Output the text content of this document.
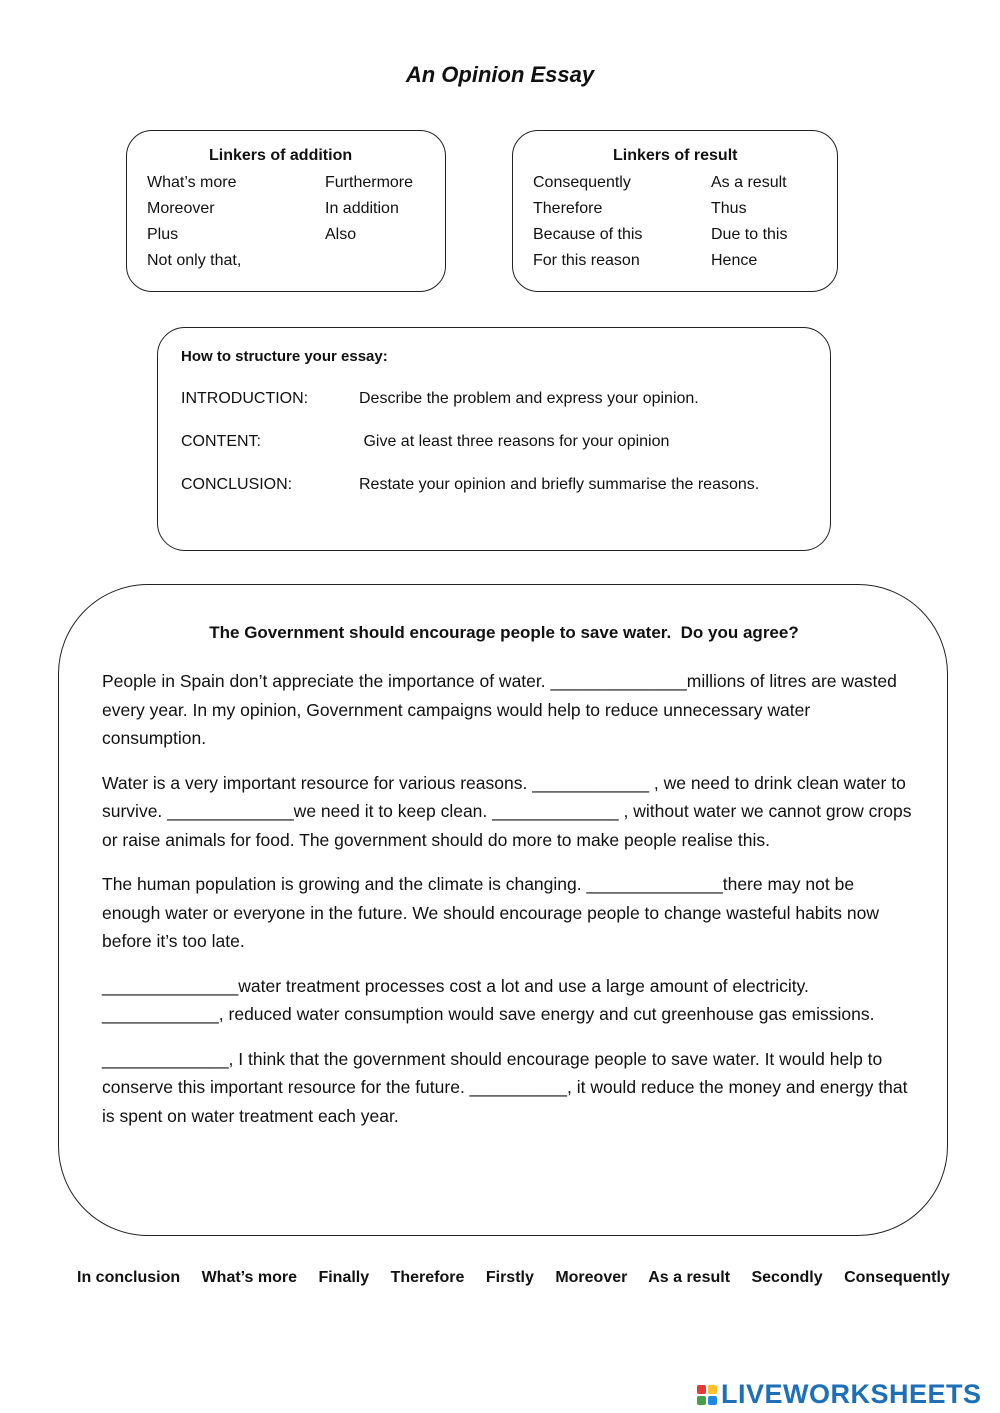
An Opinion Essay
Linkers of addition
What’s more	Furthermore
Moreover	In addition
Plus	Also
Not only that,
Linkers of result
Consequently	As a result
Therefore	Thus
Because of this	Due to this
For this reason	Hence
How to structure your essay:
INTRODUCTION:	Describe the problem and express your opinion.
CONTENT:	Give at least three reasons for your opinion
CONCLUSION:	Restate your opinion and briefly summarise the reasons.
The Government should encourage people to save water.  Do you agree?

People in Spain don’t appreciate the importance of water. ______________millions of litres are wasted every year. In my opinion, Government campaigns would help to reduce unnecessary water consumption.

Water is a very important resource for various reasons. ____________ , we need to drink clean water to survive. _____________we need it to keep clean. _____________ , without water we cannot grow crops or raise animals for food. The government should do more to make people realise this.

The human population is growing and the climate is changing. ______________there may not be enough water or everyone in the future. We should encourage people to change wasteful habits now before it’s too late.

______________water treatment processes cost a lot and use a large amount of electricity. ____________, reduced water consumption would save energy and cut greenhouse gas emissions.

_____________, I think that the government should encourage people to save water. It would help to conserve this important resource for the future. __________, it would reduce the money and energy that is spent on water treatment each year.

In conclusion What’s more Finally Therefore Firstly Moreover As a result Secondly Consequently
LIVEWORKSHEETS
